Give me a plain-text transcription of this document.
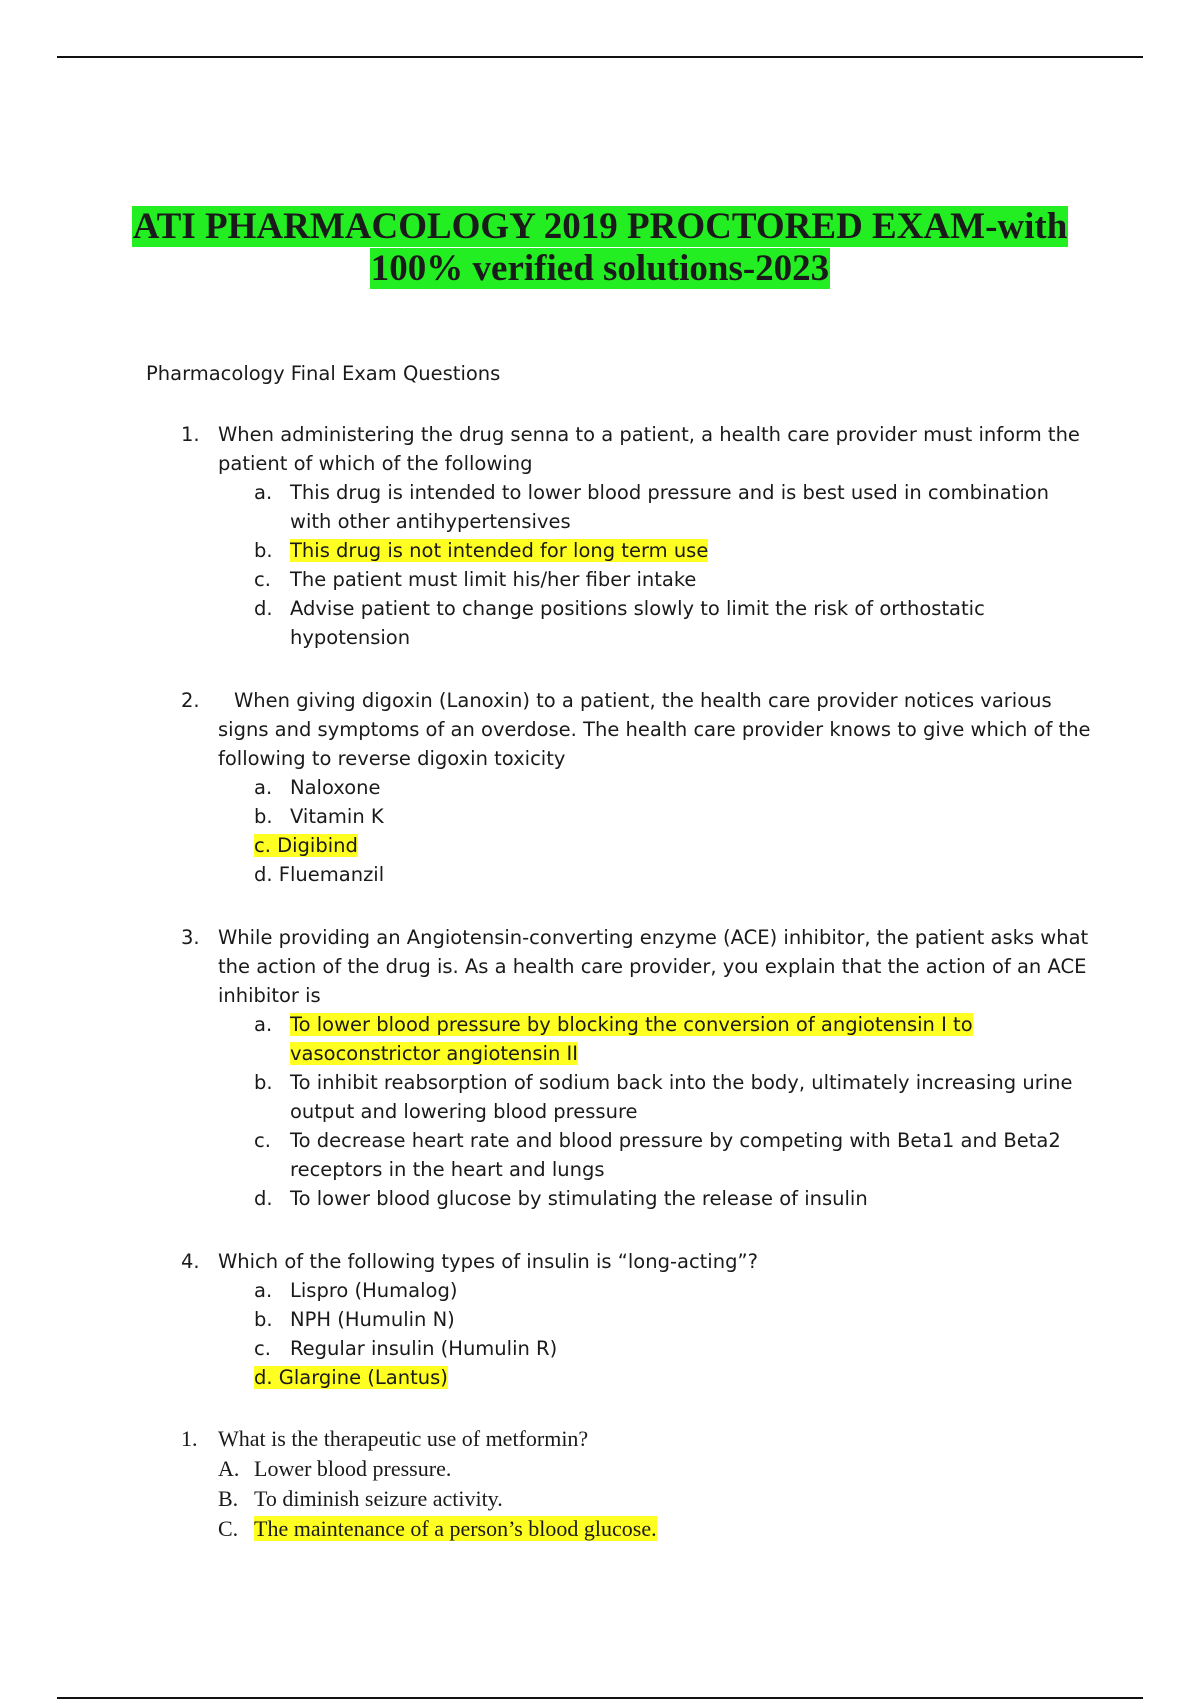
ATI PHARMACOLOGY 2019 PROCTORED EXAM-with
100% verified solutions-2023
Pharmacology Final Exam Questions
1. When administering the drug senna to a patient, a health care provider must inform the patient of which of the following
a. This drug is intended to lower blood pressure and is best used in combination with other antihypertensives
b. This drug is not intended for long term use
c. The patient must limit his/her fiber intake
d. Advise patient to change positions slowly to limit the risk of orthostatic hypotension
2.	When giving digoxin (Lanoxin) to a patient, the health care provider notices various signs and symptoms of an overdose. The health care provider knows to give which of the following to reverse digoxin toxicity
a. Naloxone
b. Vitamin K
c. Digibind
d. Fluemanzil
3. While providing an Angiotensin-converting enzyme (ACE) inhibitor, the patient asks what the action of the drug is. As a health care provider, you explain that the action of an ACE inhibitor is
a. To lower blood pressure by blocking the conversion of angiotensin I to vasoconstrictor angiotensin II
b. To inhibit reabsorption of sodium back into the body, ultimately increasing urine output and lowering blood pressure
c. To decrease heart rate and blood pressure by competing with Beta1 and Beta2 receptors in the heart and lungs
d. To lower blood glucose by stimulating the release of insulin
4. Which of the following types of insulin is “long-acting”?
a. Lispro (Humalog)
b. NPH (Humulin N)
c. Regular insulin (Humulin R)
d. Glargine (Lantus)
1. What is the therapeutic use of metformin?
A. Lower blood pressure.
B. To diminish seizure activity.
C. The maintenance of a person’s blood glucose.
